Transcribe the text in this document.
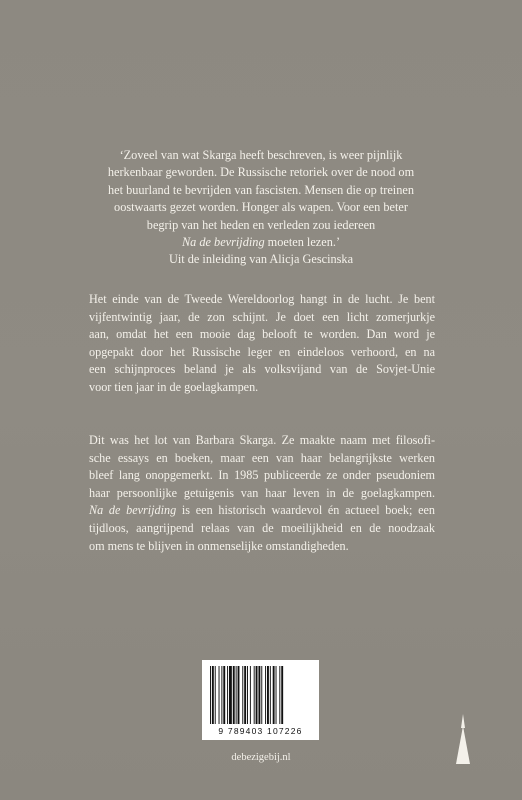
‘Zoveel van wat Skarga heeft beschreven, is weer pijnlijk
herkenbaar geworden. De Russische retoriek over de nood om
het buurland te bevrijden van fascisten. Mensen die op treinen
oostwaarts gezet worden. Honger als wapen. Voor een beter
begrip van het heden en verleden zou iedereen
Na de bevrijding moeten lezen.’
Uit de inleiding van Alicja Gescinska
Het einde van de Tweede Wereldoorlog hangt in de lucht. Je bent
vijfentwintig jaar, de zon schijnt. Je doet een licht zomerjurkje
aan, omdat het een mooie dag belooft te worden. Dan word je
opgepakt door het Russische leger en eindeloos verhoord, en na
een schijnproces beland je als volksvijand van de Sovjet-Unie
voor tien jaar in de goelagkampen.
Dit was het lot van Barbara Skarga. Ze maakte naam met filosofi-
sche essays en boeken, maar een van haar belangrijkste werken
bleef lang onopgemerkt. In 1985 publiceerde ze onder pseudoniem
haar persoonlijke getuigenis van haar leven in de goelagkampen.
Na de bevrijding is een historisch waardevol én actueel boek; een
tijdloos, aangrijpend relaas van de moeilijkheid en de noodzaak
om mens te blijven in onmenselijke omstandigheden.
9 789403 107226
debezigebij.nl
